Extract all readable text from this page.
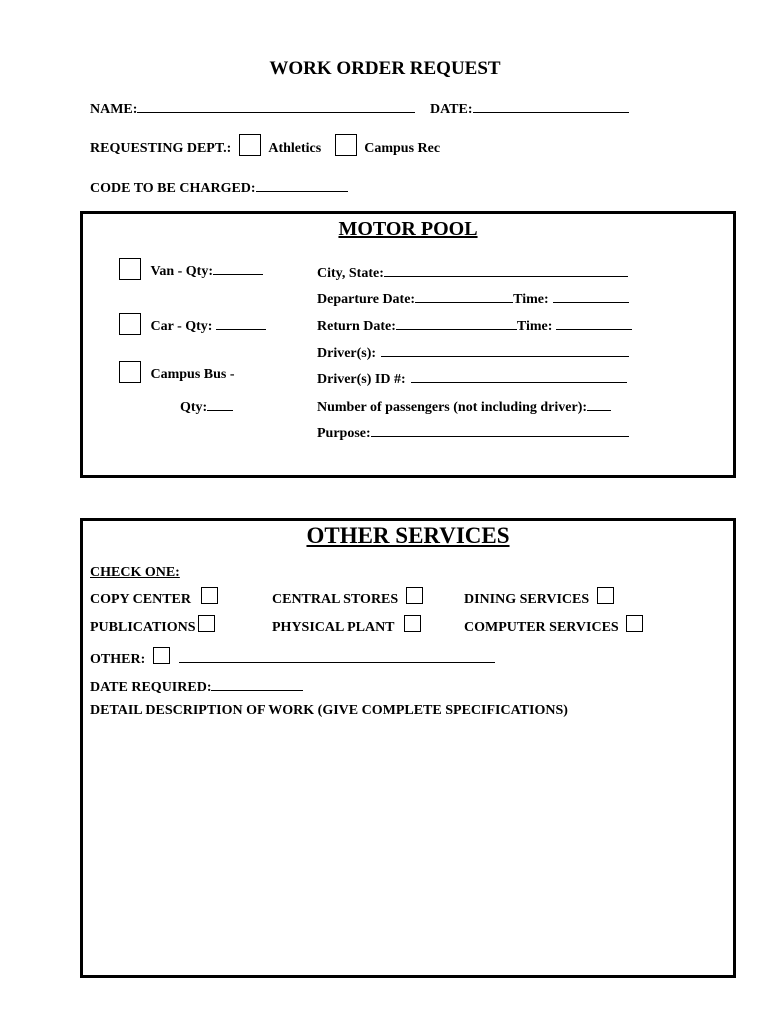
WORK ORDER REQUEST
NAME:	DATE:
REQUESTING DEPT.:	Athletics	Campus Rec
CODE TO BE CHARGED:
MOTOR POOL
Van - Qty:
Car - Qty:
Campus Bus -
Qty:
City, State:
Departure Date:	Time:
Return Date:	Time:
Driver(s):
Driver(s) ID #:
Number of passengers (not including driver):
Purpose:
OTHER SERVICES
CHECK ONE:
COPY CENTER	CENTRAL STORES	DINING SERVICES
PUBLICATIONS	PHYSICAL PLANT	COMPUTER SERVICES
OTHER:
DATE REQUIRED:
DETAIL DESCRIPTION OF WORK (GIVE COMPLETE SPECIFICATIONS)
